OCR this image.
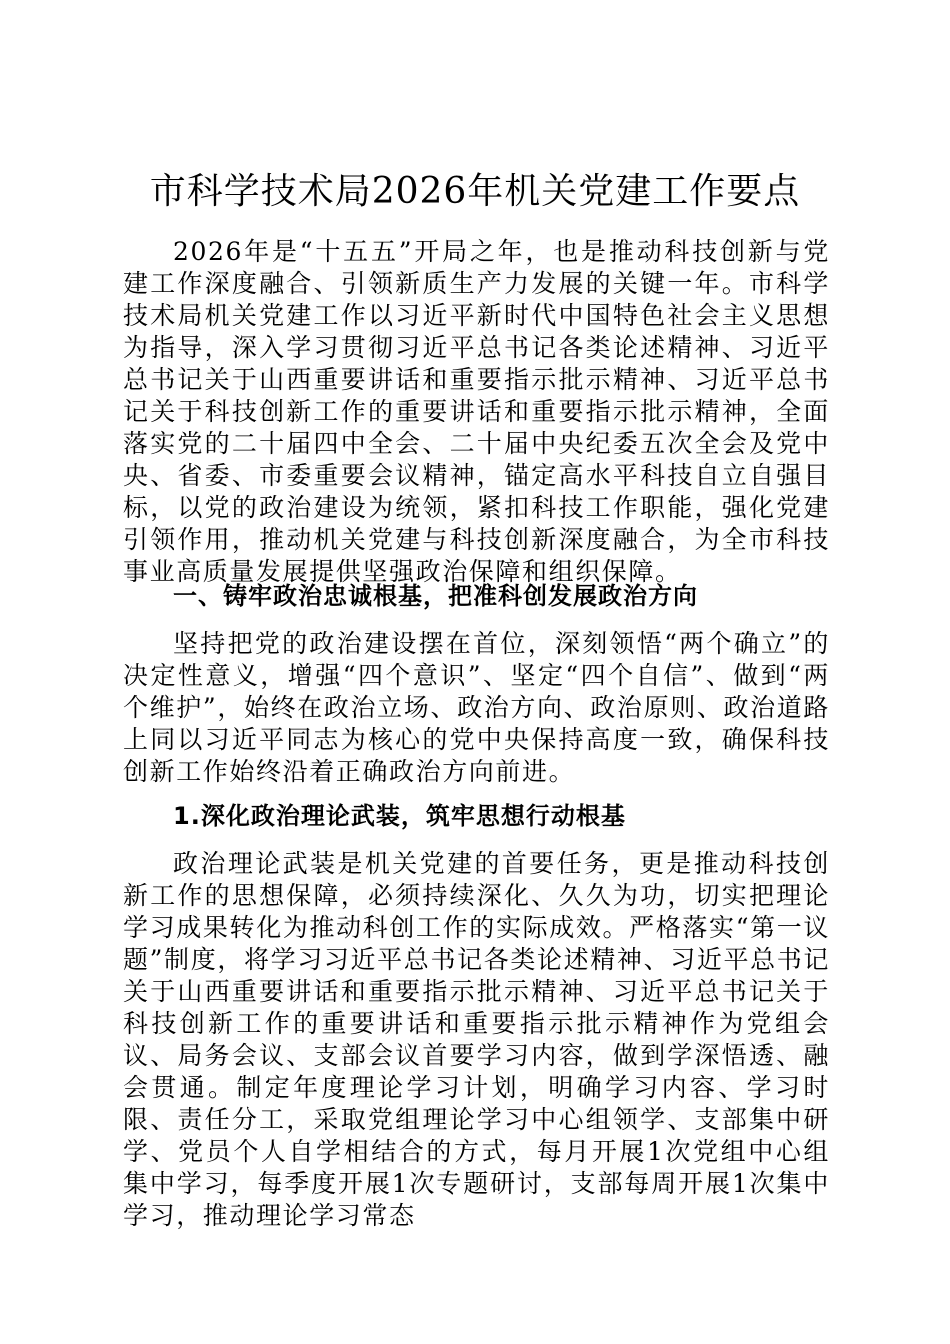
市科学技术局2026年机关党建工作要点

2026年是“十五五”开局之年，也是推动科技创新与党建工作深度融合、引领新质生产力发展的关键一年。市科学技术局机关党建工作以习近平新时代中国特色社会主义思想为指导，深入学习贯彻习近平总书记各类论述精神、习近平总书记关于山西重要讲话和重要指示批示精神、习近平总书记关于科技创新工作的重要讲话和重要指示批示精神，全面落实党的二十届四中全会、二十届中央纪委五次全会及党中央、省委、市委重要会议精神，锚定高水平科技自立自强目标，以党的政治建设为统领，紧扣科技工作职能，强化党建引领作用，推动机关党建与科技创新深度融合，为全市科技事业高质量发展提供坚强政治保障和组织保障。

一、铸牢政治忠诚根基，把准科创发展政治方向

坚持把党的政治建设摆在首位，深刻领悟“两个确立”的决定性意义，增强“四个意识”、坚定“四个自信”、做到“两个维护”，始终在政治立场、政治方向、政治原则、政治道路上同以习近平同志为核心的党中央保持高度一致，确保科技创新工作始终沿着正确政治方向前进。

1.深化政治理论武装，筑牢思想行动根基

政治理论武装是机关党建的首要任务，更是推动科技创新工作的思想保障，必须持续深化、久久为功，切实把理论学习成果转化为推动科创工作的实际成效。严格落实“第一议题”制度，将学习习近平总书记各类论述精神、习近平总书记关于山西重要讲话和重要指示批示精神、习近平总书记关于科技创新工作的重要讲话和重要指示批示精神作为党组会议、局务会议、支部会议首要学习内容，做到学深悟透、融会贯通。制定年度理论学习计划，明确学习内容、学习时限、责任分工，采取党组理论学习中心组领学、支部集中研学、党员个人自学相结合的方式，每月开展1次党组中心组集中学习，每季度开展1次专题研讨，支部每周开展1次集中学习，推动理论学习常态
